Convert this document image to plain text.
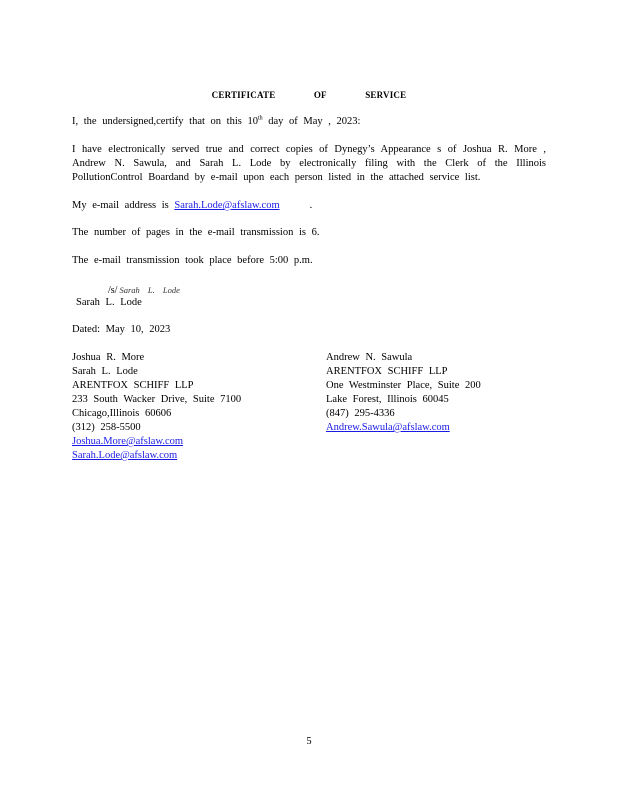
CERTIFICATE	OF	SERVICE
I, the undersigned,certify that on this 10th day of May , 2023:
I have electronically served true and correct copies of Dynegy’s Appearance s of Joshua R. More , Andrew N. Sawula, and Sarah L. Lode by electronically filing with the Clerk of the Illinois PollutionControl Boardand by e-mail upon each person listed in the attached service list.
My e-mail address is Sarah.Lode@afslaw.com	.
The number of pages in the e-mail transmission is 6.
The e-mail transmission took place before 5:00 p.m.
/s/ Sarah L. Lode
Sarah L. Lode
Dated: May 10, 2023
Joshua R. More
Sarah L. Lode
ARENTFOX SCHIFF LLP
233 South Wacker Drive, Suite 7100
Chicago,Illinois 60606
(312) 258-5500
Joshua.More@afslaw.com
Sarah.Lode@afslaw.com
Andrew N. Sawula
ARENTFOX SCHIFF LLP
One Westminster Place, Suite 200
Lake Forest, Illinois 60045
(847) 295-4336
Andrew.Sawula@afslaw.com
5
